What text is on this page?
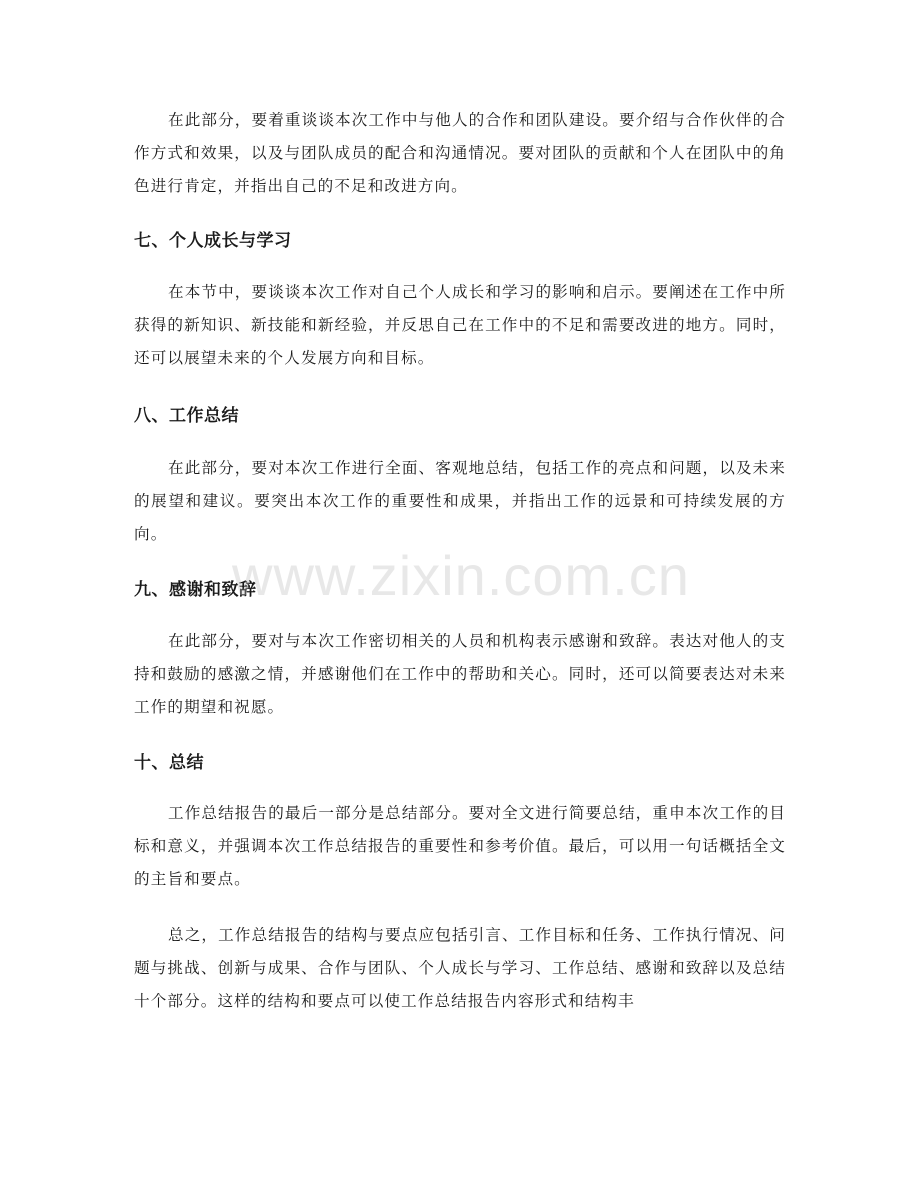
在此部分，要着重谈谈本次工作中与他人的合作和团队建设。要介绍与合作伙伴的合作方式和效果，以及与团队成员的配合和沟通情况。要对团队的贡献和个人在团队中的角色进行肯定，并指出自己的不足和改进方向。

七、个人成长与学习

在本节中，要谈谈本次工作对自己个人成长和学习的影响和启示。要阐述在工作中所获得的新知识、新技能和新经验，并反思自己在工作中的不足和需要改进的地方。同时，还可以展望未来的个人发展方向和目标。

八、工作总结

在此部分，要对本次工作进行全面、客观地总结，包括工作的亮点和问题，以及未来的展望和建议。要突出本次工作的重要性和成果，并指出工作的远景和可持续发展的方向。

九、感谢和致辞

在此部分，要对与本次工作密切相关的人员和机构表示感谢和致辞。表达对他人的支持和鼓励的感激之情，并感谢他们在工作中的帮助和关心。同时，还可以简要表达对未来工作的期望和祝愿。

十、总结

工作总结报告的最后一部分是总结部分。要对全文进行简要总结，重申本次工作的目标和意义，并强调本次工作总结报告的重要性和参考价值。最后，可以用一句话概括全文的主旨和要点。

总之，工作总结报告的结构与要点应包括引言、工作目标和任务、工作执行情况、问题与挑战、创新与成果、合作与团队、个人成长与学习、工作总结、感谢和致辞以及总结十个部分。这样的结构和要点可以使工作总结报告内容形式和结构丰

www.zixin.com.cn
